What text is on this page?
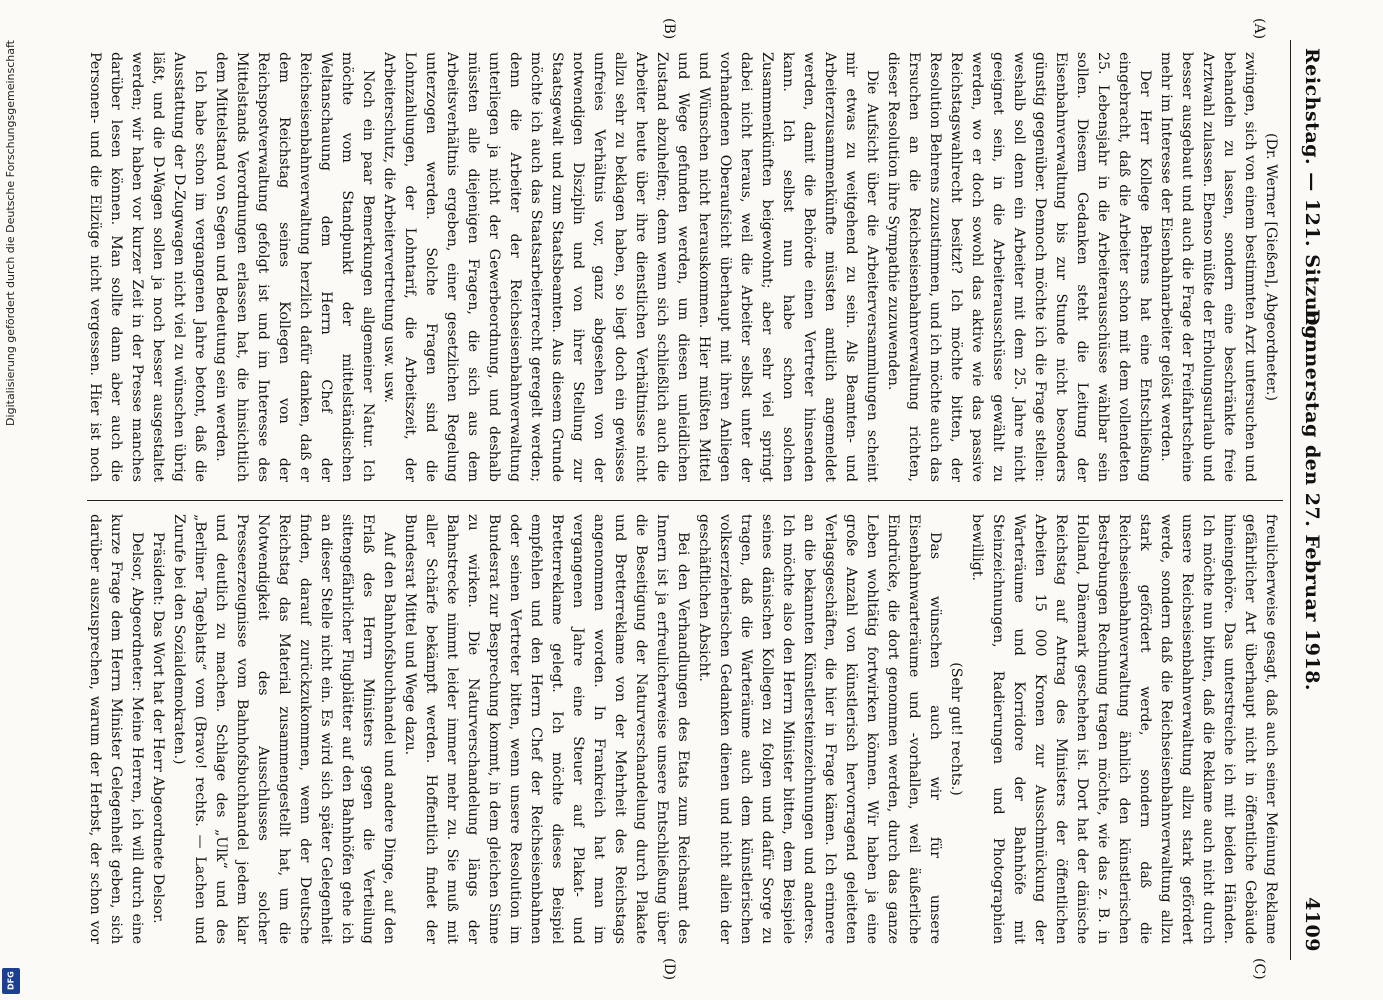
Digitalisierung gefördert durch die Deutsche Forschungsgemeinschaft
DFG
Reichstag. — 121. Sitzung.
Donnerstag den 27. Februar 1918.
4109
(A)
(B)
(C)
(D)

(Dr. Werner [Gießen], Abgeordneter.)

zwingen, sich von einem bestimmten Arzt untersuchen und behandeln zu lassen, sondern eine beschränkte freie Arztwahl zulassen. Ebenso müßte der Erholungsurlaub und besser ausgebaut und auch die Frage der Freifahrtscheine mehr im Interesse der Eisenbahnarbeiter gelöst werden.

Der Herr Kollege Behrens hat eine Entschließung eingebracht, daß die Arbeiter schon mit dem vollendeten 25. Lebensjahr in die Arbeiterausschüsse wählbar sein sollen. Diesem Gedanken steht die Leitung der Eisenbahnverwaltung bis zur Stunde nicht besonders günstig gegenüber. Dennoch möchte ich die Frage stellen: weshalb soll denn ein Arbeiter mit dem 25. Jahre nicht geeignet sein, in die Arbeiterausschüsse gewählt zu werden, wo er doch sowohl das aktive wie das passive Reichstagswahlrecht besitzt? Ich möchte bitten, der Resolution Behrens zuzustimmen, und ich möchte auch das Ersuchen an die Reichseisenbahnverwaltung richten, dieser Resolution ihre Sympathie zuzuwenden.

Die Aufsicht über die Arbeiterversammlungen scheint mir etwas zu weitgehend zu sein. Als Beamten- und Arbeiterzusammenkünfte müssten amtlich angemeldet werden, damit die Behörde einen Vertreter hinsenden kann. Ich selbst nun habe schon solchen Zusammenkünften beigewohnt; aber sehr viel springt dabei nicht heraus, weil die Arbeiter selbst unter der vorhandenen Oberaufsicht überhaupt mit ihren Anliegen und Wünschen nicht herauskommen. Hier müßten Mittel und Wege gefunden werden, um diesen unleidlichen Zustand abzuhelfen; denn wenn sich schließlich auch die Arbeiter heute über ihre dienstlichen Verhältnisse nicht allzu sehr zu beklagen haben, so liegt doch ein gewisses unfreies Verhältnis vor, ganz abgesehen von der notwendigen Disziplin und von ihrer Stellung zur Staatsgewalt und zum Staatsbeamten. Aus diesem Grunde möchte ich auch das Staatsarbeiterrecht geregelt werden; denn die Arbeiter der Reichseisenbahnverwaltung unterliegen ja nicht der Gewerbeordnung, und deshalb müssten alle diejenigen Fragen, die sich aus dem Arbeitsverhältnis ergeben, einer gesetzlichen Regelung unterzogen werden. Solche Fragen sind die Lohnzahlungen, der Lohntarif, die Arbeitszeit, der Arbeiterschutz, die Arbeitervertretung usw. usw.

Noch ein paar Bemerkungen allgemeiner Natur. Ich möchte vom Standpunkt der mittelständischen Weltanschauung dem Herrn Chef der Reichseisenbahnverwaltung herzlich dafür danken, daß er dem Reichstag seines Kollegen von der Reichspostverwaltung gefolgt ist und im Interesse des Mittelstands Verordnungen erlassen hat, die hinsichtlich dem Mittelstand von Segen und Bedeutung sein werden.

Ich habe schon im vergangenen Jahre betont, daß die Ausstattung der D-Zugwagen nicht viel zu wünschen übrig läßt, und die D-Wagen sollen ja noch besser ausgestaltet werden; wir haben vor kurzer Zeit in der Presse manches darüber lesen können. Man sollte dann aber auch die Personen- und die Eilzüge nicht vergessen. Hier ist noch

freulicherweise gesagt, daß auch seiner Meinung Reklame gefährlicher Art überhaupt nicht in öffentliche Gebäude hineingehöre. Das unterstreiche ich mit beiden Händen. Ich möchte nun bitten, daß die Reklame auch nicht durch unsere Reichseisenbahnverwaltung allzu stark gefördert werde, sondern daß die Reichseisenbahnverwaltung allzu stark gefördert werde, sondern daß die Reichseisenbahnverwaltung ähnlich den künstlerischen Bestrebungen Rechnung tragen möchte, wie das z. B. in Holland, Dänemark geschehen ist. Dort hat der dänische Reichstag auf Antrag des Ministers der öffentlichen Arbeiten 15 000 Kronen zur Ausschmückung der Warteräume und Korridore der Bahnhöfe mit Steinzeichnungen, Radierungen und Photographien bewilligt.

(Sehr gut! rechts.)

Das wünschen auch wir für unsere Eisenbahnwarteräume und -vorhallen, weil äußerliche Eindrücke, die dort genommen werden, durch das ganze Leben wohltätig fortwirken können. Wir haben ja eine große Anzahl von künstlerisch hervorragend geleiteten Verlagsgeschäften, die hier in Frage kämen. Ich erinnere an die bekannten Künstlersteinzeichnungen und anderes. Ich möchte also den Herrn Minister bitten, dem Beispiele seines dänischen Kollegen zu folgen und dafür Sorge zu tragen, daß die Warteräume auch dem künstlerischen volkserzieherischen Gedanken dienen und nicht allein der geschäftlichen Absicht.

Bei den Verhandlungen des Etats zum Reichsamt des Innern ist ja erfreulicherweise unsere Entschließung über die Beseitigung der Naturverschandelung durch Plakate und Bretterreklame von der Mehrheit des Reichstags angenommen worden. In Frankreich hat man im vergangenen Jahre eine Steuer auf Plakat- und Bretterreklame gelegt. Ich möchte dieses Beispiel empfehlen und den Herrn Chef der Reichseisenbahnen oder seinen Vertreter bitten, wenn unsere Resolution im Bundesrat zur Besprechung kommt, in dem gleichen Sinne zu wirken. Die Naturverschandelung längs der Bahnstrecke nimmt leider immer mehr zu. Sie muß mit aller Schärfe bekämpft werden. Hoffentlich findet der Bundesrat Mittel und Wege dazu.

Auf den Bahnhofsbuchhandel und andere Dinge, auf den Erlaß des Herrn Ministers gegen die Verteilung sittengefährlicher Flugblätter auf den Bahnhöfen gehe ich an dieser Stelle nicht ein. Es wird sich später Gelegenheit finden, darauf zurückzukommen, wenn der Deutsche Reichstag das Material zusammengestellt hat, um die Notwendigkeit des Ausschlusses solcher Presseerzeugnisse vom Bahnhofsbuchhandel jedem klar und deutlich zu machen. Schlage des „Ulk“ und des „Berliner Tageblatts“ vom (Bravo! rechts. — Lachen und Zurufe bei den Sozialdemokraten.)

Präsident: Das Wort hat der Herr Abgeordnete Delsor.

Delsor, Abgeordneter: Meine Herren, ich will durch eine kurze Frage dem Herrn Minister Gelegenheit geben, sich darüber auszusprechen, warum der Herbst, der schon vor
